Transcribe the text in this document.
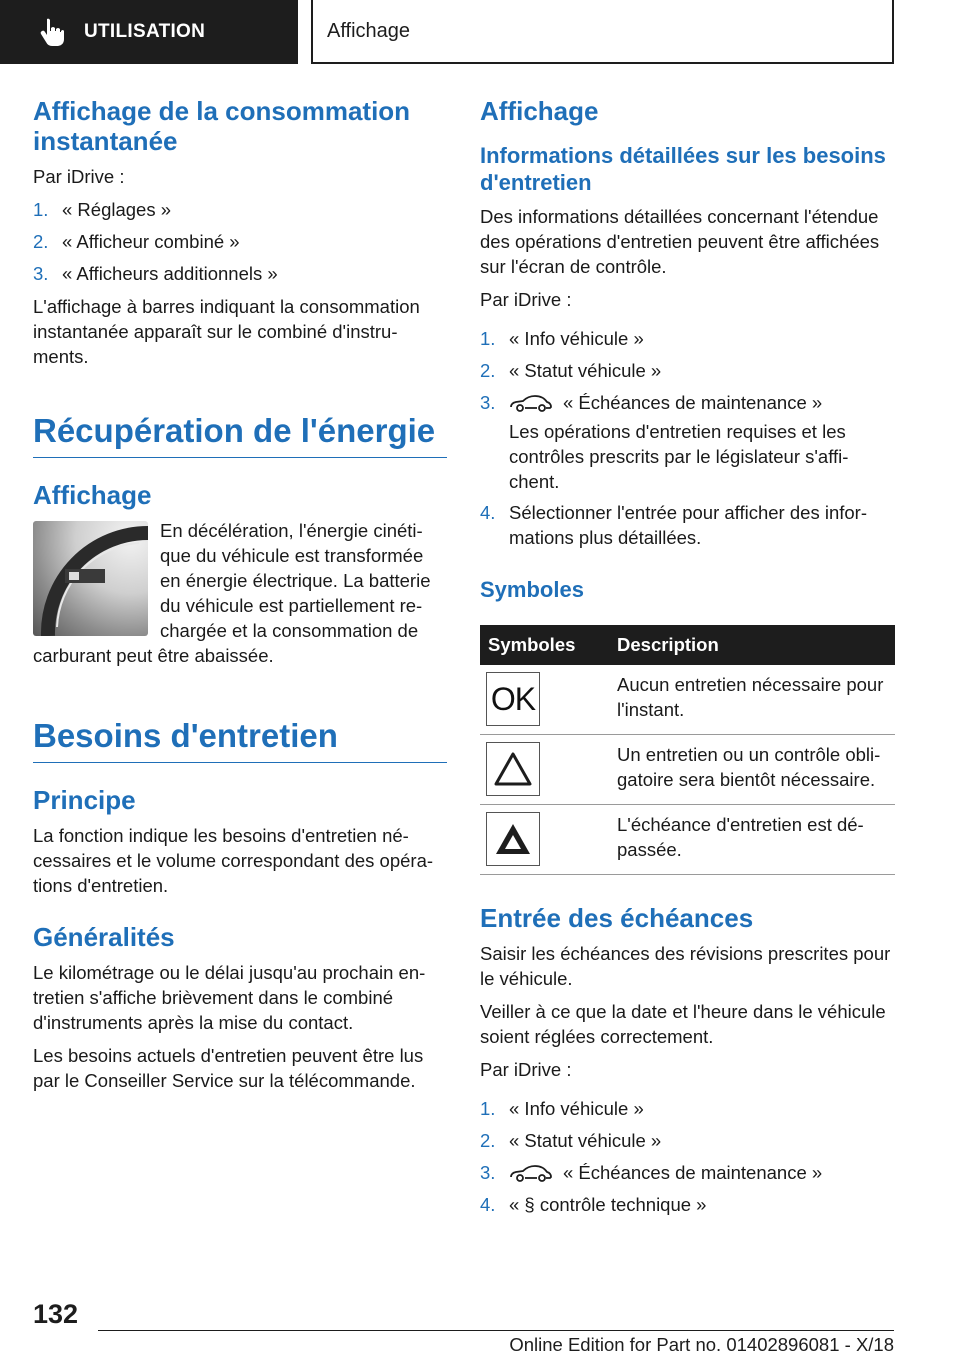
UTILISATION	Affichage
Affichage de la consommation instantanée

Par iDrive :

1. « Réglages »
2. « Afficheur combiné »
3. « Afficheurs additionnels »

L'affichage à barres indiquant la consommation instantanée apparaît sur le combiné d'instru-ments.

Récupération de l'énergie
Affichage

En décélération, l'énergie cinéti-que du véhicule est transformée en énergie électrique. La batterie du véhicule est partiellement re-chargée et la consommation de carburant peut être abaissée.

Besoins d'entretien
Principe

La fonction indique les besoins d'entretien né-cessaires et le volume correspondant des opéra-tions d'entretien.

Généralités

Le kilométrage ou le délai jusqu'au prochain en-tretien s'affiche brièvement dans le combiné d'instruments après la mise du contact.

Les besoins actuels d'entretien peuvent être lus par le Conseiller Service sur la télécommande.

Affichage
Informations détaillées sur les besoins d'entretien

Des informations détaillées concernant l'étendue des opérations d'entretien peuvent être affichées sur l'écran de contrôle.

Par iDrive :

1. « Info véhicule »
2. « Statut véhicule »
3.	« Échéances de maintenance »

Les opérations d'entretien requises et les contrôles prescrits par le législateur s'affi-chent.

4. Sélectionner l'entrée pour afficher des infor-mations plus détaillées.
Symboles
Symboles	Description

OK	Aucun entretien nécessaire pour l'instant.

	Un entretien ou un contrôle obli-gatoire sera bientôt nécessaire.

	L'échéance d'entretien est dé-passée.
Entrée des échéances

Saisir les échéances des révisions prescrites pour le véhicule.

Veiller à ce que la date et l'heure dans le véhicule soient réglées correctement.

Par iDrive :

1. « Info véhicule »
2. « Statut véhicule »
3.	« Échéances de maintenance »
4. « § contrôle technique »
132
Online Edition for Part no. 01402896081 - X/18
